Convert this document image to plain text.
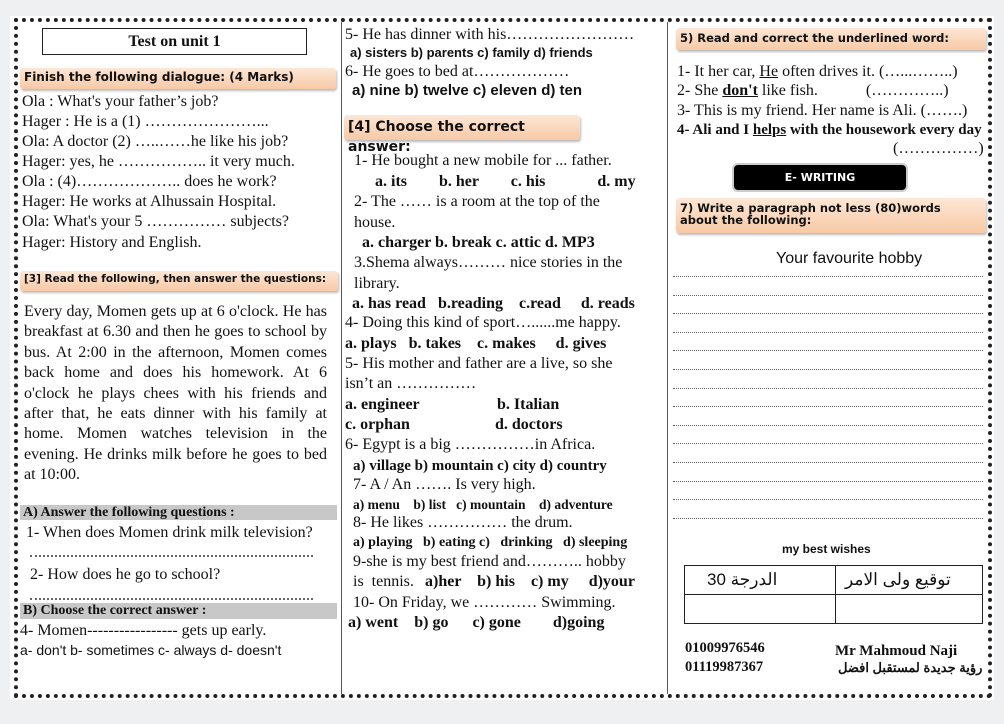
Test on unit 1
Finish the following dialogue: (4 Marks)
Ola : What's your father’s job?
Hager : He is a (1) …………………...
Ola: A doctor (2) …..……he like his job?
Hager: yes, he …………….. it very much.
Ola : (4)……………….. does he work?
Hager: He works at Alhussain Hospital.
Ola: What's your 5 …………… subjects?
Hager: History and English.
[3] Read the following, then answer the questions:
Every day, Momen gets up at 6 o'clock. He has breakfast at 6.30 and then he goes to school by bus. At 2:00 in the afternoon, Momen comes back home and does his homework. At 6 o'clock he plays chees with his friends and after that, he eats dinner with his family at home. Momen watches television in the evening. He drinks milk before he goes to bed at 10:00.
A) Answer the following questions :
1- When does Momen drink milk television?
2- How does he go to school?
B) Choose the correct answer :
4- Momen----------------- gets up early.
a- don't b- sometimes c- always d- doesn't
5- He has dinner with his……………………
a) sisters b) parents c) family d) friends
6- He goes to bed at………………
a) nine b) twelve c) eleven d) ten
[4] Choose the correct answer:
1- He bought a new mobile for ... father.
a. its        b. her        c. his             d. my
2- The …… is a room at the top of the
house.
a. charger b. break c. attic d. MP3
3.Shema always……… nice stories in the
library.
a. has read   b.reading    c.read     d. reads
4- Doing this kind of sport…......me happy.
a. plays   b. takes    c. makes     d. gives
5- His mother and father are a live, so she
isn’t an ……………
a. engineer	b. Italian
c. orphan	d. doctors
6- Egypt is a big ……………in Africa.
a) village b) mountain c) city d) country
7- A / An ……. Is very high.
a) menu    b) list   c) mountain    d) adventure
8- He likes …………… the drum.
a) playing   b) eating c)   drinking   d) sleeping
9-she is my best friend and……….. hobby
is  tennis. a)her    b) his    c) my     d)your
10- On Friday, we ………… Swimming.
a) went    b) go      c) gone        d)going
5) Read and correct the underlined word:
1- It her car, He often drives it. (…...……..)
2- She don't like fish.            (…………..)
3- This is my friend. Her name is Ali. (…….)
4- Ali and I helps with the housework every day
(……………)
E- WRITING
7) Write a paragraph not less (80)words about the following:
Your favourite hobby
my best wishes
الدرجة 30	توقيع ولى الامر
01009976546
01119987367
Mr Mahmoud Naji
رؤية جديدة لمستقبل افضل
